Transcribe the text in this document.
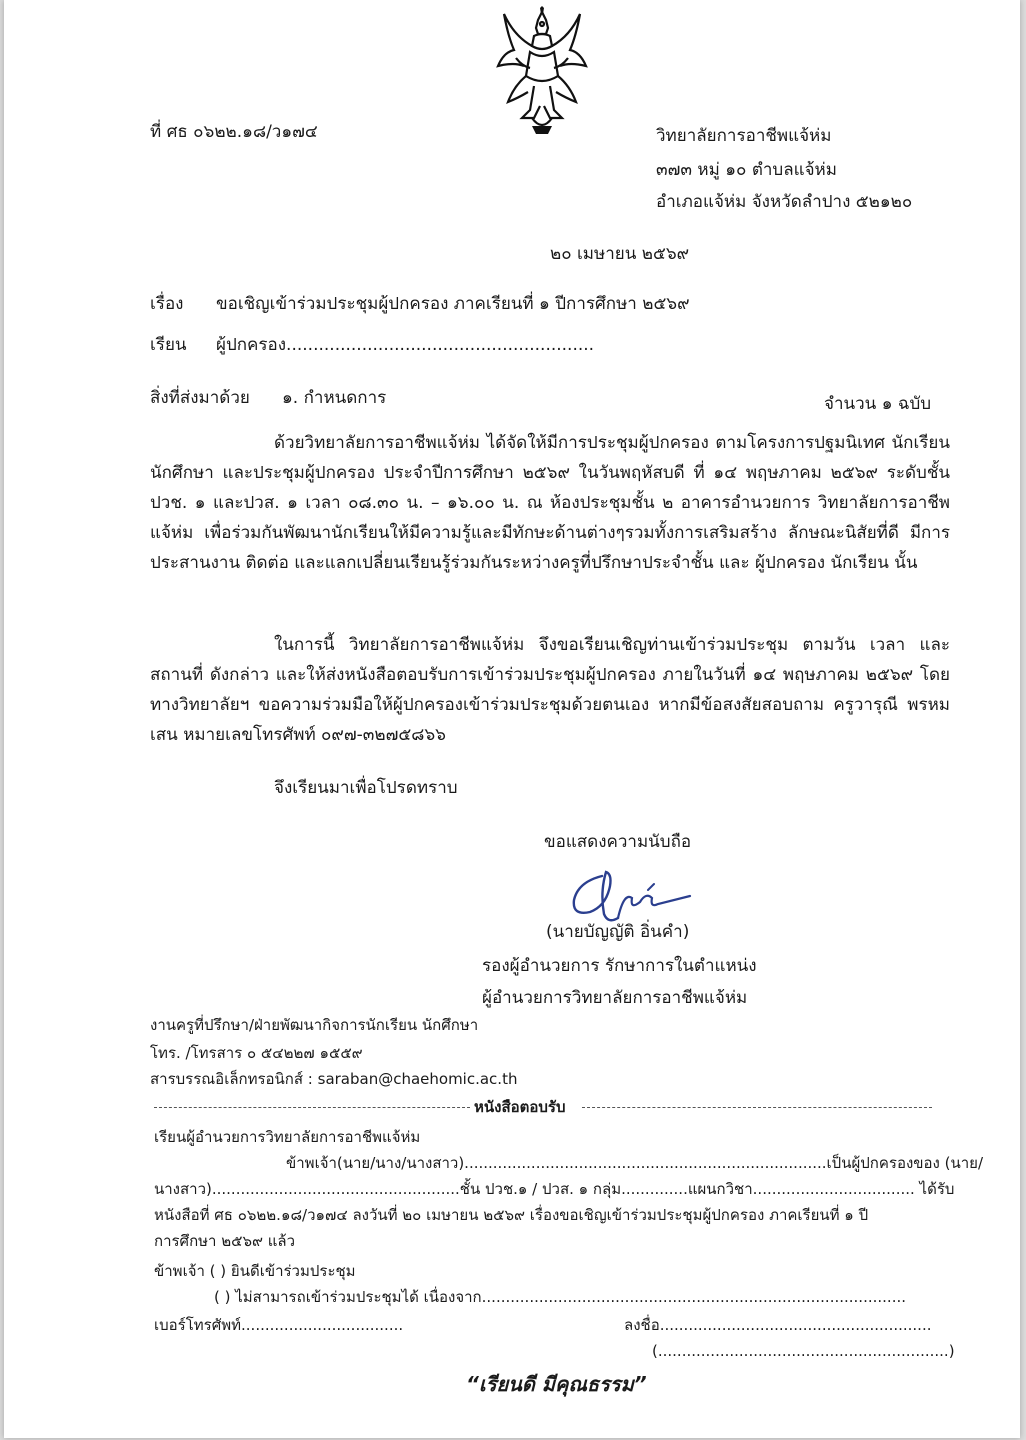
ที่ ศธ ๐๖๒๒.๑๘/ว๑๗๔	วิทยาลัยการอาชีพแจ้ห่ม
๓๗๓ หมู่ ๑๐ ตำบลแจ้ห่ม
อำเภอแจ้ห่ม จังหวัดลำปาง ๕๒๑๒๐
๒๐ เมษายน ๒๕๖๙
เรื่อง ขอเชิญเข้าร่วมประชุมผู้ปกครอง ภาคเรียนที่ ๑ ปีการศึกษา ๒๕๖๙
เรียน ผู้ปกครอง.........................................................
สิ่งที่ส่งมาด้วย ๑. กำหนดการ	จำนวน ๑ ฉบับ
ด้วยวิทยาลัยการอาชีพแจ้ห่ม ได้จัดให้มีการประชุมผู้ปกครอง ตามโครงการปฐมนิเทศ นักเรียน นักศึกษา และประชุมผู้ปกครอง ประจำปีการศึกษา ๒๕๖๙ ในวันพฤหัสบดี ที่ ๑๔ พฤษภาคม ๒๕๖๙ ระดับชั้น ปวช. ๑ และปวส. ๑ เวลา ๐๘.๓๐ น. – ๑๖.๐๐ น. ณ ห้องประชุมชั้น ๒ อาคารอำนวยการ วิทยาลัยการอาชีพแจ้ห่ม เพื่อร่วมกันพัฒนานักเรียนให้มีความรู้และมีทักษะด้านต่างๆรวมทั้งการเสริมสร้าง ลักษณะนิสัยที่ดี มีการประสานงาน ติดต่อ และแลกเปลี่ยนเรียนรู้ร่วมกันระหว่างครูที่ปรึกษาประจำชั้น และ ผู้ปกครอง นักเรียน นั้น
ในการนี้ วิทยาลัยการอาชีพแจ้ห่ม จึงขอเรียนเชิญท่านเข้าร่วมประชุม ตามวัน เวลา และ สถานที่ ดังกล่าว และให้ส่งหนังสือตอบรับการเข้าร่วมประชุมผู้ปกครอง ภายในวันที่ ๑๔ พฤษภาคม ๒๕๖๙ โดยทางวิทยาลัยฯ ขอความร่วมมือให้ผู้ปกครองเข้าร่วมประชุมด้วยตนเอง หากมีข้อสงสัยสอบถาม ครูวารุณี พรหมเสน หมายเลขโทรศัพท์ ๐๙๗-๓๒๗๕๘๖๖
จึงเรียนมาเพื่อโปรดทราบ
ขอแสดงความนับถือ
(นายบัญญัติ อิ่นคำ)
รองผู้อำนวยการ รักษาการในตำแหน่ง
ผู้อำนวยการวิทยาลัยการอาชีพแจ้ห่ม
งานครูที่ปรึกษา/ฝ่ายพัฒนากิจการนักเรียน นักศึกษา
โทร. /โทรสาร ๐ ๕๔๒๒๗ ๑๕๕๙
สารบรรณอิเล็กทรอนิกส์ : saraban@chaehomic.ac.th
หนังสือตอบรับ
เรียนผู้อำนวยการวิทยาลัยการอาชีพแจ้ห่ม
ข้าพเจ้า(นาย/นาง/นางสาว)............................................................................เป็นผู้ปกครองของ (นาย/
นางสาว)....................................................ชั้น ปวช.๑ / ปวส. ๑ กลุ่ม..............แผนกวิชา.................................. ได้รับ
หนังสือที่ ศธ ๐๖๒๒.๑๘/ว๑๗๔ ลงวันที่ ๒๐ เมษายน ๒๕๖๙ เรื่องขอเชิญเข้าร่วมประชุมผู้ปกครอง ภาคเรียนที่ ๑ ปี
การศึกษา ๒๕๖๙ แล้ว
ข้าพเจ้า ( ) ยินดีเข้าร่วมประชุม
( ) ไม่สามารถเข้าร่วมประชุมได้ เนื่องจาก.........................................................................................
เบอร์โทรศัพท์..................................	ลงชื่อ.........................................................
(.............................................................)
“เรียนดี มีคุณธรรม”
